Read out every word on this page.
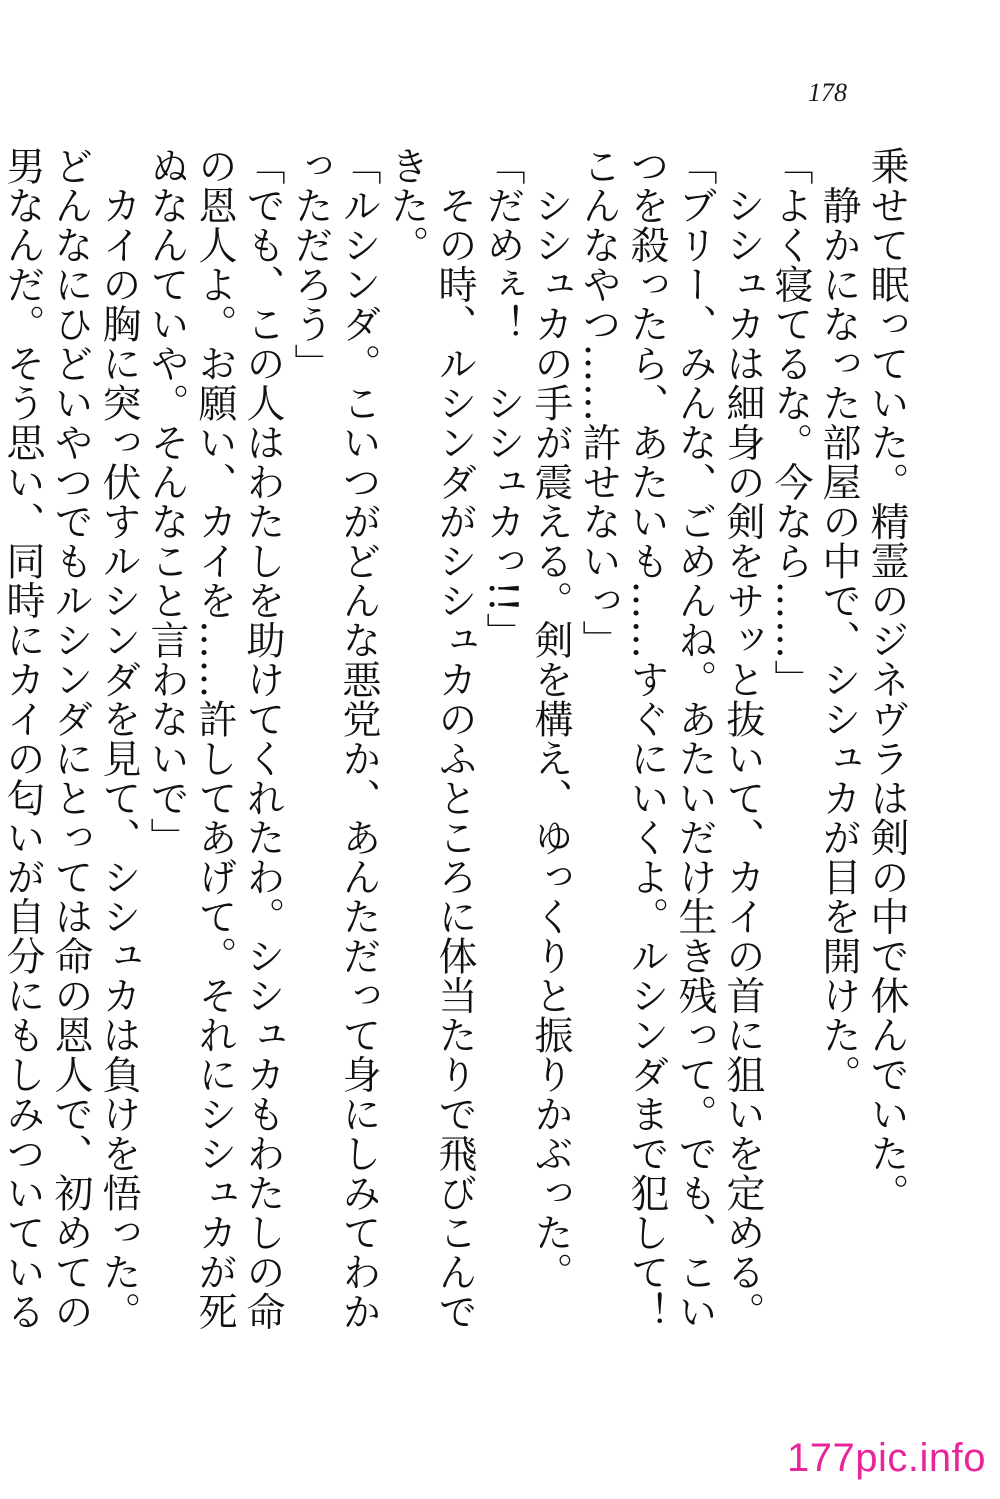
178

乗せて眠っていた。精霊のジネヴラは剣の中で休んでいた。

　静かになった部屋の中で、シシュカが目を開けた。

「よく寝てるな。今なら……」

　シシュカは細身の剣をサッと抜いて、カイの首に狙いを定める。

「ブリー、みんな、ごめんね。あたいだけ生き残って。でも、こいつを殺ったら、あたいも……すぐにいくよ。ルシンダまで犯して！　こんなやつ……許せないっ」

　シシュカの手が震える。剣を構え、ゆっくりと振りかぶった。

「だめぇ！　シシュカっ!!」

　その時、ルシンダがシシュカのふところに体当たりで飛びこんできた。

「ルシンダ。こいつがどんな悪党か、あんただって身にしみてわかっただろう」

「でも、この人はわたしを助けてくれたわ。シシュカもわたしの命の恩人よ。お願い、カイを……許してあげて。それにシシュカが死ぬなんていや。そんなこと言わないで」

　カイの胸に突っ伏すルシンダを見て、シシュカは負けを悟った。どんなにひどいやつでもルシンダにとっては命の恩人で、初めての男なんだ。そう思い、同時にカイの匂いが自分にもしみついている

177pic.info
